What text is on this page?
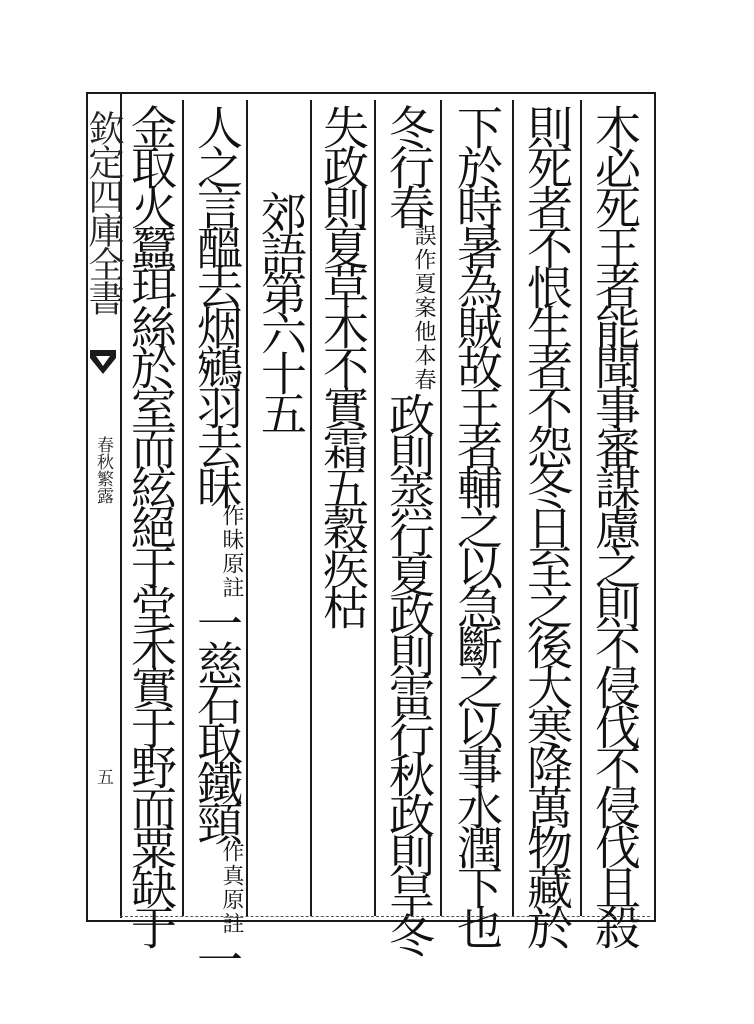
欽定四庫全書
春秋繁露
五	木必死王者能聞事審謀慮之則不侵伐不侵伐且殺
則死者不恨生者不怨冬日至之後大寒降萬物藏於
下於時暑為賊故王者輔之以急斷之以事水潤下也
冬行春
案他本春
誤作夏
政則蒸行夏政則雷行秋政則旱冬
失政則夏草木不實霜五穀疾枯
郊語第六十五
人之言醞去烟鵷羽去昧
原註
作昧
一慈石取鐵頸
原註
作真
一
金取火蠶珥絲於室而絃絕于堂禾實于野而粟缺于
